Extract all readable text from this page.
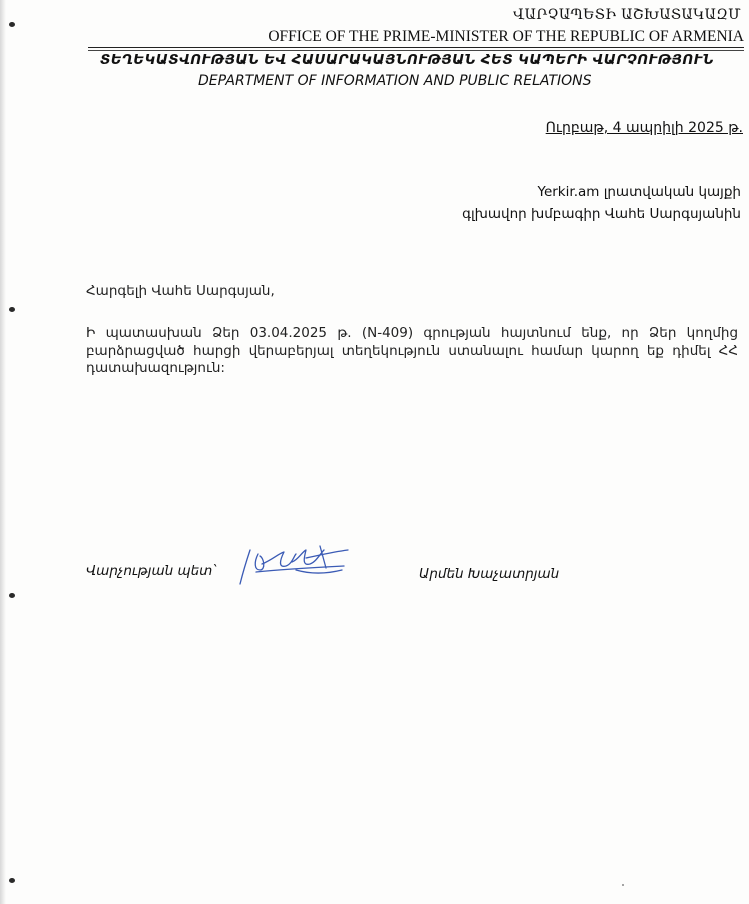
ՎԱՐՉԱՊԵՏԻ ԱՇԽԱՏԱԿԱԶՄ
OFFICE OF THE PRIME-MINISTER OF THE REPUBLIC OF ARMENIA
ՏԵՂԵԿԱՏՎՈՒԹՅԱՆ ԵՎ ՀԱՍԱՐԱԿԱՅՆՈՒԹՅԱՆ ՀԵՏ ԿԱՊԵՐԻ ՎԱՐՉՈՒԹՅՈՒՆ
DEPARTMENT OF INFORMATION AND PUBLIC RELATIONS
Ուրբաթ, 4 ապրիլի 2025 թ.
Yerkir.am լրատվական կայքի
գլխավոր խմբագիր Վահե Սարգսյանին
Հարգելի Վահե Սարգսյան,
Ի պատասխան Ձեր 03.04.2025 թ. (N-409) գրության հայտնում ենք, որ Ձեր կողմից բարձրացված հարցի վերաբերյալ տեղեկություն ստանալու համար կարող եք դիմել ՀՀ դատախազություն:
Վարչության պետ՝	Արմեն Խաչատրյան
